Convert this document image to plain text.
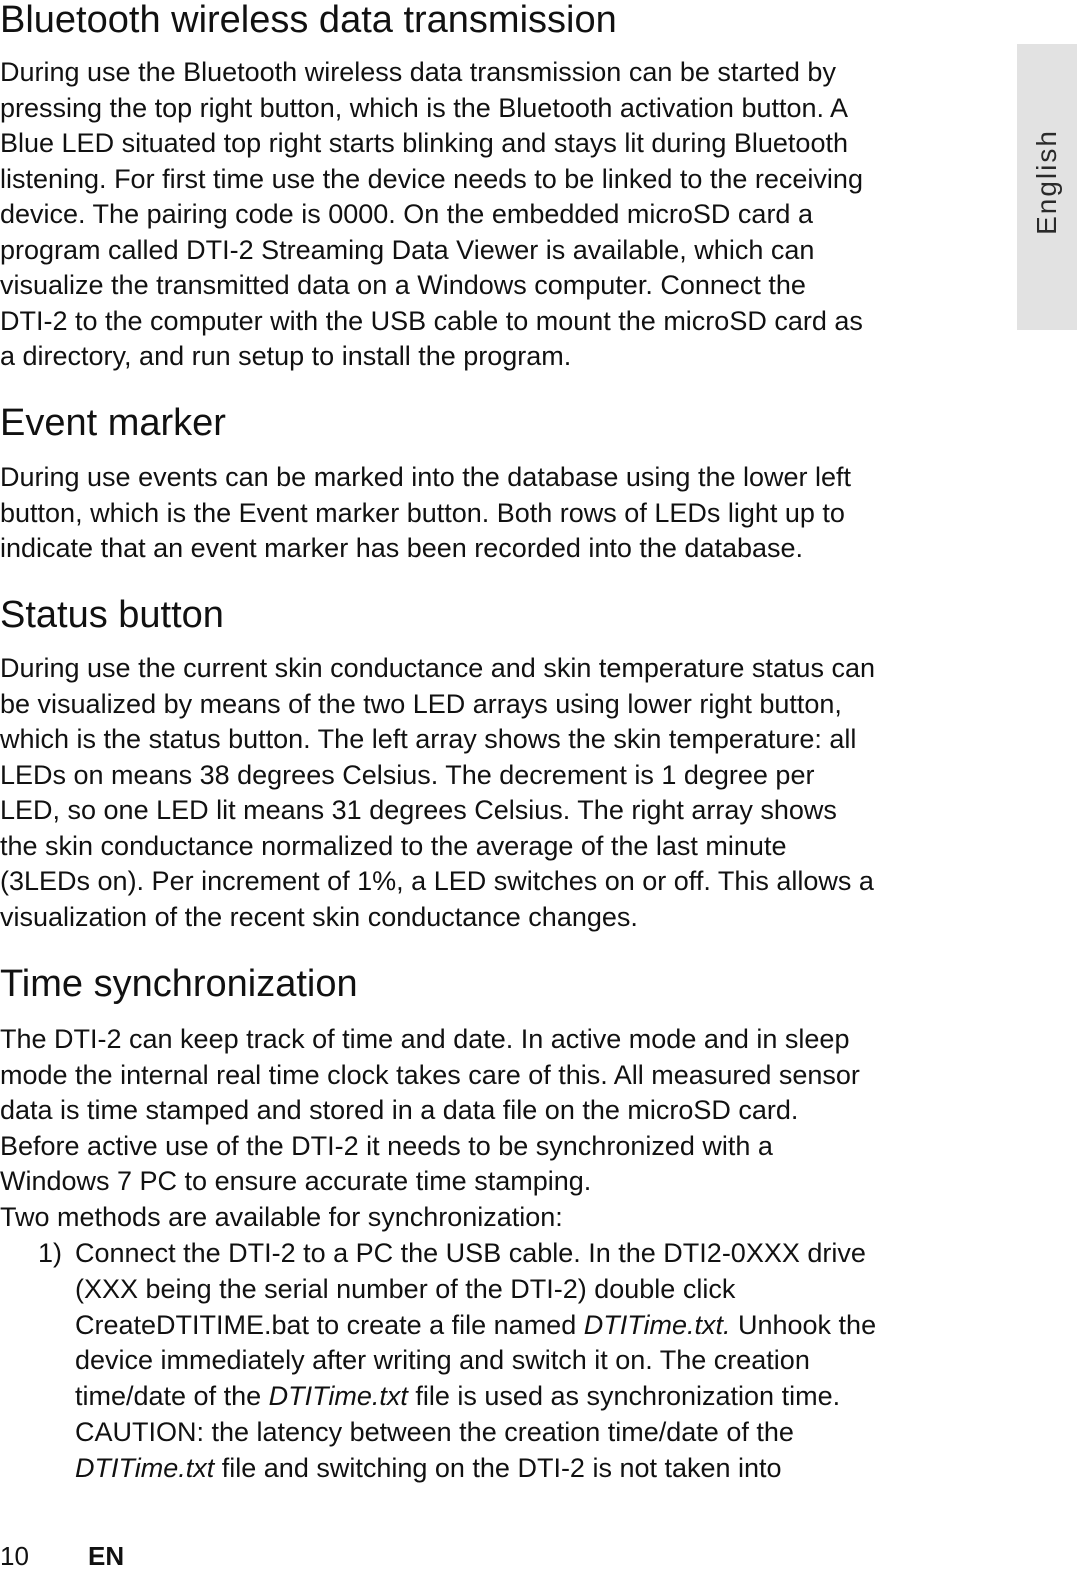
Bluetooth wireless data transmission
During use the Bluetooth wireless data transmission can be started by
pressing the top right button, which is the Bluetooth activation button. A
Blue LED situated top right starts blinking and stays lit during Bluetooth
listening. For first time use the device needs to be linked to the receiving
device. The pairing code is 0000. On the embedded microSD card a
program called DTI-2 Streaming Data Viewer is available, which can
visualize the transmitted data on a Windows computer. Connect the
DTI-2 to the computer with the USB cable to mount the microSD card as
a directory, and run setup to install the program.
Event marker
During use events can be marked into the database using the lower left
button, which is the Event marker button. Both rows of LEDs light up to
indicate that an event marker has been recorded into the database.
Status button
During use the current skin conductance and skin temperature status can
be visualized by means of the two LED arrays using lower right button,
which is the status button. The left array shows the skin temperature: all
LEDs on means 38 degrees Celsius. The decrement is 1 degree per
LED, so one LED lit means 31 degrees Celsius. The right array shows
the skin conductance normalized to the average of the last minute
(3LEDs on). Per increment of 1%, a LED switches on or off. This allows a
visualization of the recent skin conductance changes.
Time synchronization
The DTI-2 can keep track of time and date. In active mode and in sleep
mode the internal real time clock takes care of this. All measured sensor
data is time stamped and stored in a data file on the microSD card.
Before active use of the DTI-2 it needs to be synchronized with a
Windows 7 PC to ensure accurate time stamping.
Two methods are available for synchronization:
1) Connect the DTI-2 to a PC the USB cable. In the DTI2-0XXX drive
(XXX being the serial number of the DTI-2) double click
CreateDTITIME.bat to create a file named DTITime.txt. Unhook the
device immediately after writing and switch it on. The creation
time/date of the DTITime.txt file is used as synchronization time.
CAUTION: the latency between the creation time/date of the
DTITime.txt file and switching on the DTI-2 is not taken into
English
10 EN
